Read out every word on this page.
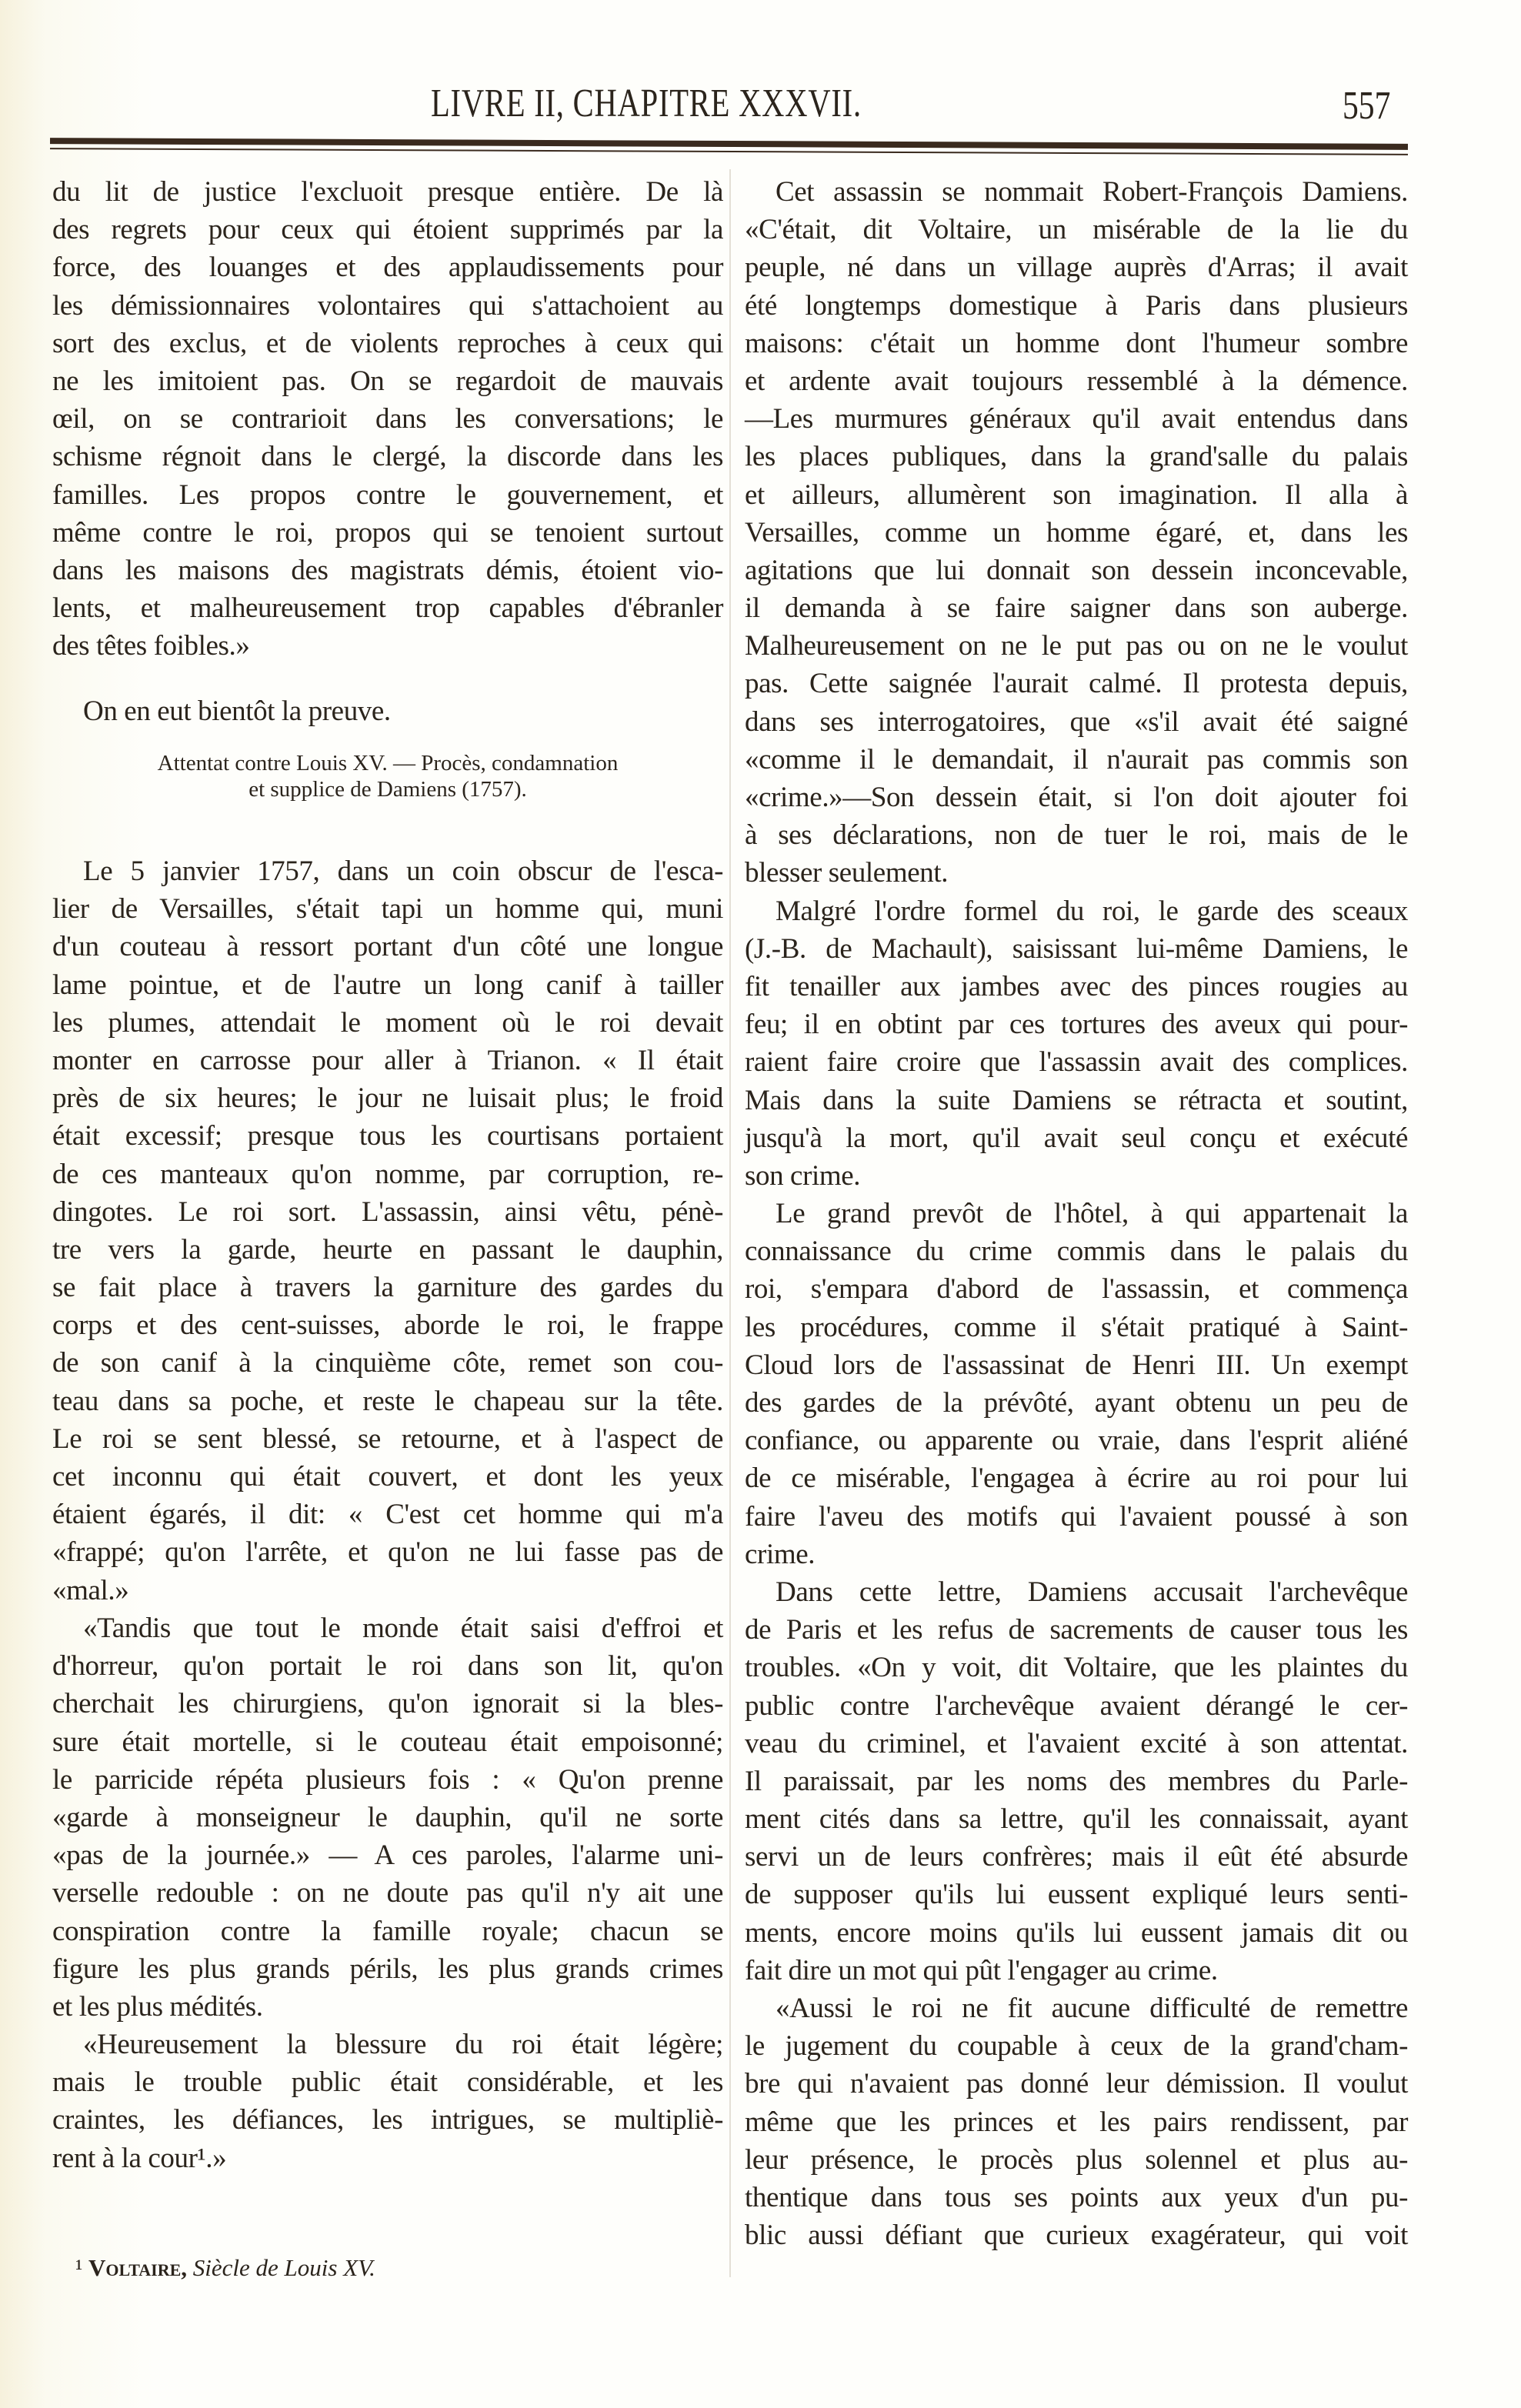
LIVRE II, CHAPITRE XXXVII.	557
du lit de justice l'excluoit presque entière. De là
des regrets pour ceux qui étoient supprimés par la
force, des louanges et des applaudissements pour
les démissionnaires volontaires qui s'attachoient au
sort des exclus, et de violents reproches à ceux qui
ne les imitoient pas. On se regardoit de mauvais
œil, on se contrarioit dans les conversations; le
schisme régnoit dans le clergé, la discorde dans les
familles. Les propos contre le gouvernement, et
même contre le roi, propos qui se tenoient surtout
dans les maisons des magistrats démis, étoient vio-
lents, et malheureusement trop capables d'ébranler
des têtes foibles.»
On en eut bientôt la preuve.
Attentat contre Louis XV. — Procès, condamnation
et supplice de Damiens (1757).
Le 5 janvier 1757, dans un coin obscur de l'esca-
lier de Versailles, s'était tapi un homme qui, muni
d'un couteau à ressort portant d'un côté une longue
lame pointue, et de l'autre un long canif à tailler
les plumes, attendait le moment où le roi devait
monter en carrosse pour aller à Trianon. « Il était
près de six heures; le jour ne luisait plus; le froid
était excessif; presque tous les courtisans portaient
de ces manteaux qu'on nomme, par corruption, re-
dingotes. Le roi sort. L'assassin, ainsi vêtu, pénè-
tre vers la garde, heurte en passant le dauphin,
se fait place à travers la garniture des gardes du
corps et des cent-suisses, aborde le roi, le frappe
de son canif à la cinquième côte, remet son cou-
teau dans sa poche, et reste le chapeau sur la tête.
Le roi se sent blessé, se retourne, et à l'aspect de
cet inconnu qui était couvert, et dont les yeux
étaient égarés, il dit: « C'est cet homme qui m'a
«frappé; qu'on l'arrête, et qu'on ne lui fasse pas de
«mal.»
«Tandis que tout le monde était saisi d'effroi et
d'horreur, qu'on portait le roi dans son lit, qu'on
cherchait les chirurgiens, qu'on ignorait si la bles-
sure était mortelle, si le couteau était empoisonné;
le parricide répéta plusieurs fois : « Qu'on prenne
«garde à monseigneur le dauphin, qu'il ne sorte
«pas de la journée.» — A ces paroles, l'alarme uni-
verselle redouble : on ne doute pas qu'il n'y ait une
conspiration contre la famille royale; chacun se
figure les plus grands périls, les plus grands crimes
et les plus médités.
«Heureusement la blessure du roi était légère;
mais le trouble public était considérable, et les
craintes, les défiances, les intrigues, se multipliè-
rent à la cour¹.»
¹ Voltaire, Siècle de Louis XV.
Cet assassin se nommait Robert-François Damiens.
«C'était, dit Voltaire, un misérable de la lie du
peuple, né dans un village auprès d'Arras; il avait
été longtemps domestique à Paris dans plusieurs
maisons: c'était un homme dont l'humeur sombre
et ardente avait toujours ressemblé à la démence.
—Les murmures généraux qu'il avait entendus dans
les places publiques, dans la grand'salle du palais
et ailleurs, allumèrent son imagination. Il alla à
Versailles, comme un homme égaré, et, dans les
agitations que lui donnait son dessein inconcevable,
il demanda à se faire saigner dans son auberge.
Malheureusement on ne le put pas ou on ne le voulut
pas. Cette saignée l'aurait calmé. Il protesta depuis,
dans ses interrogatoires, que «s'il avait été saigné
«comme il le demandait, il n'aurait pas commis son
«crime.»—Son dessein était, si l'on doit ajouter foi
à ses déclarations, non de tuer le roi, mais de le
blesser seulement.
Malgré l'ordre formel du roi, le garde des sceaux
(J.-B. de Machault), saisissant lui-même Damiens, le
fit tenailler aux jambes avec des pinces rougies au
feu; il en obtint par ces tortures des aveux qui pour-
raient faire croire que l'assassin avait des complices.
Mais dans la suite Damiens se rétracta et soutint,
jusqu'à la mort, qu'il avait seul conçu et exécuté
son crime.
Le grand prevôt de l'hôtel, à qui appartenait la
connaissance du crime commis dans le palais du
roi, s'empara d'abord de l'assassin, et commença
les procédures, comme il s'était pratiqué à Saint-
Cloud lors de l'assassinat de Henri III. Un exempt
des gardes de la prévôté, ayant obtenu un peu de
confiance, ou apparente ou vraie, dans l'esprit aliéné
de ce misérable, l'engagea à écrire au roi pour lui
faire l'aveu des motifs qui l'avaient poussé à son
crime.
Dans cette lettre, Damiens accusait l'archevêque
de Paris et les refus de sacrements de causer tous les
troubles. «On y voit, dit Voltaire, que les plaintes du
public contre l'archevêque avaient dérangé le cer-
veau du criminel, et l'avaient excité à son attentat.
Il paraissait, par les noms des membres du Parle-
ment cités dans sa lettre, qu'il les connaissait, ayant
servi un de leurs confrères; mais il eût été absurde
de supposer qu'ils lui eussent expliqué leurs senti-
ments, encore moins qu'ils lui eussent jamais dit ou
fait dire un mot qui pût l'engager au crime.
«Aussi le roi ne fit aucune difficulté de remettre
le jugement du coupable à ceux de la grand'cham-
bre qui n'avaient pas donné leur démission. Il voulut
même que les princes et les pairs rendissent, par
leur présence, le procès plus solennel et plus au-
thentique dans tous ses points aux yeux d'un pu-
blic aussi défiant que curieux exagérateur, qui voit
